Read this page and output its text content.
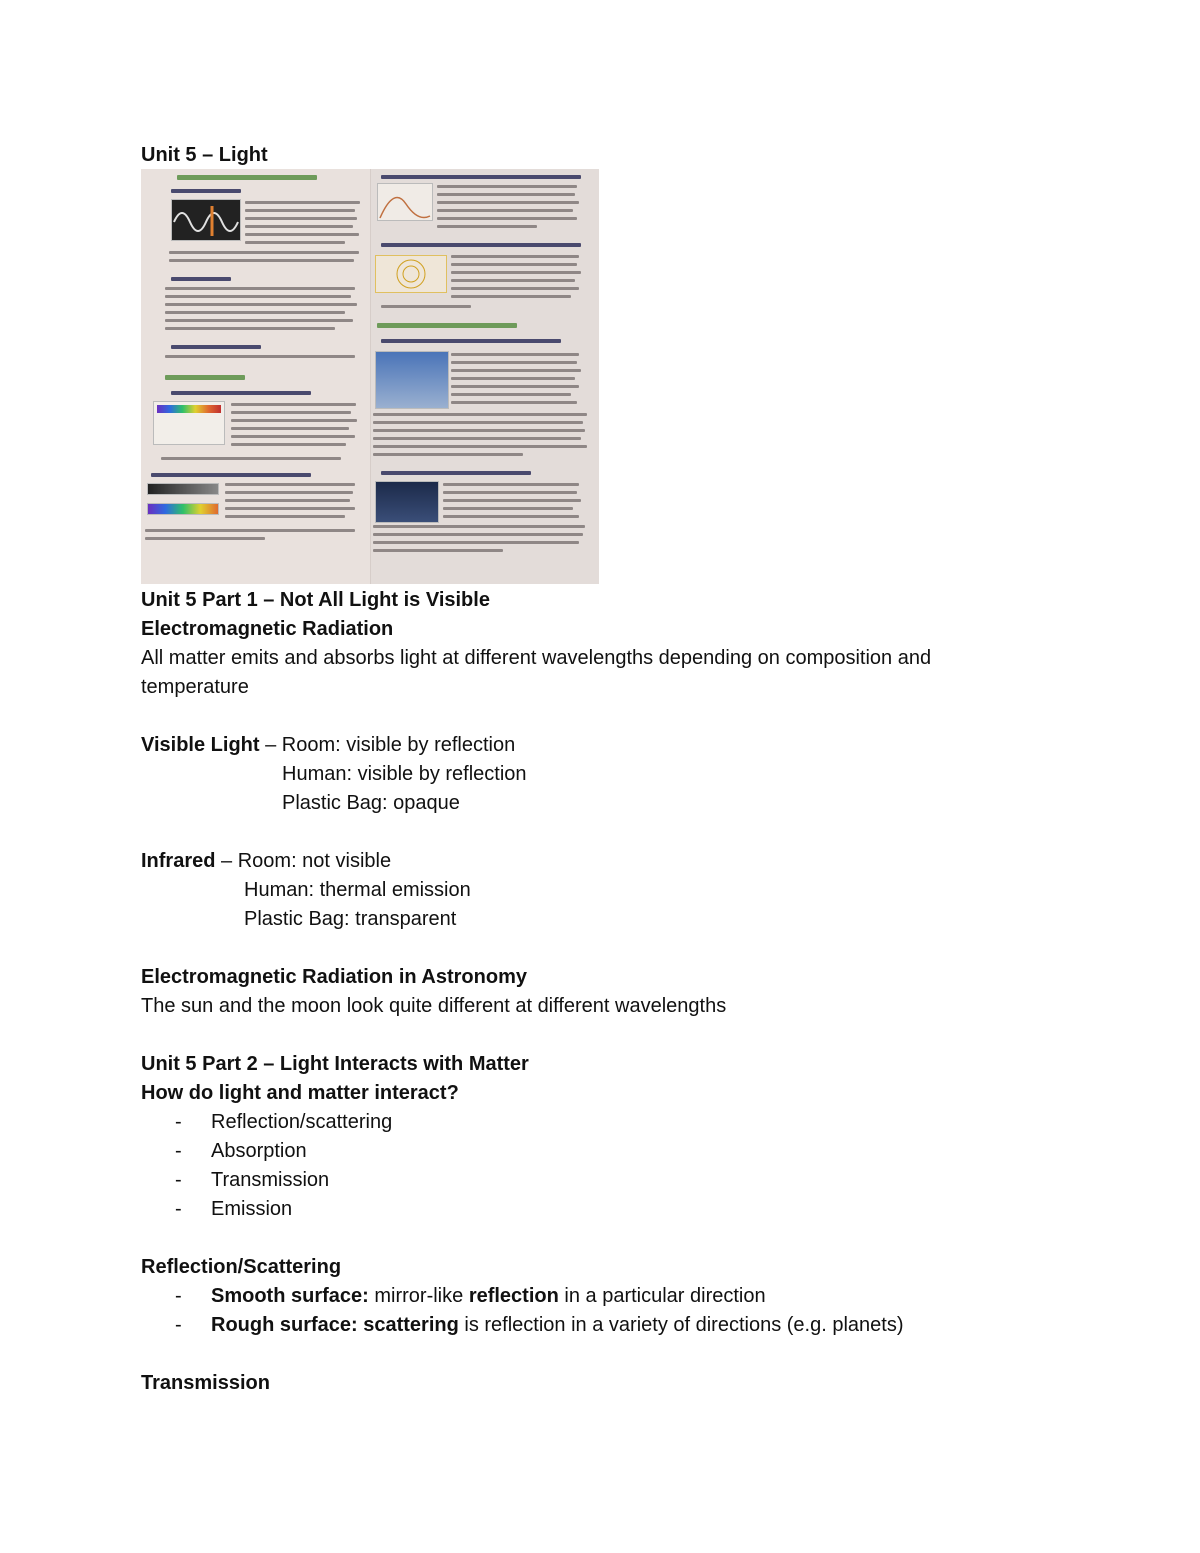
Unit 5 – Light
Unit 5 Part 1 – Not All Light is Visible
Electromagnetic Radiation
All matter emits and absorbs light at different wavelengths depending on composition and
temperature
Visible Light – Room: visible by reflection
Human: visible by reflection
Plastic Bag: opaque
Infrared – Room: not visible
Human: thermal emission
Plastic Bag: transparent
Electromagnetic Radiation in Astronomy
The sun and the moon look quite different at different wavelengths
Unit 5 Part 2 – Light Interacts with Matter
How do light and matter interact?
-	Reflection/scattering
-	Absorption
-	Transmission
-	Emission
Reflection/Scattering
-	Smooth surface: mirror-like reflection in a particular direction
-	Rough surface: scattering is reflection in a variety of directions (e.g. planets)
Transmission
